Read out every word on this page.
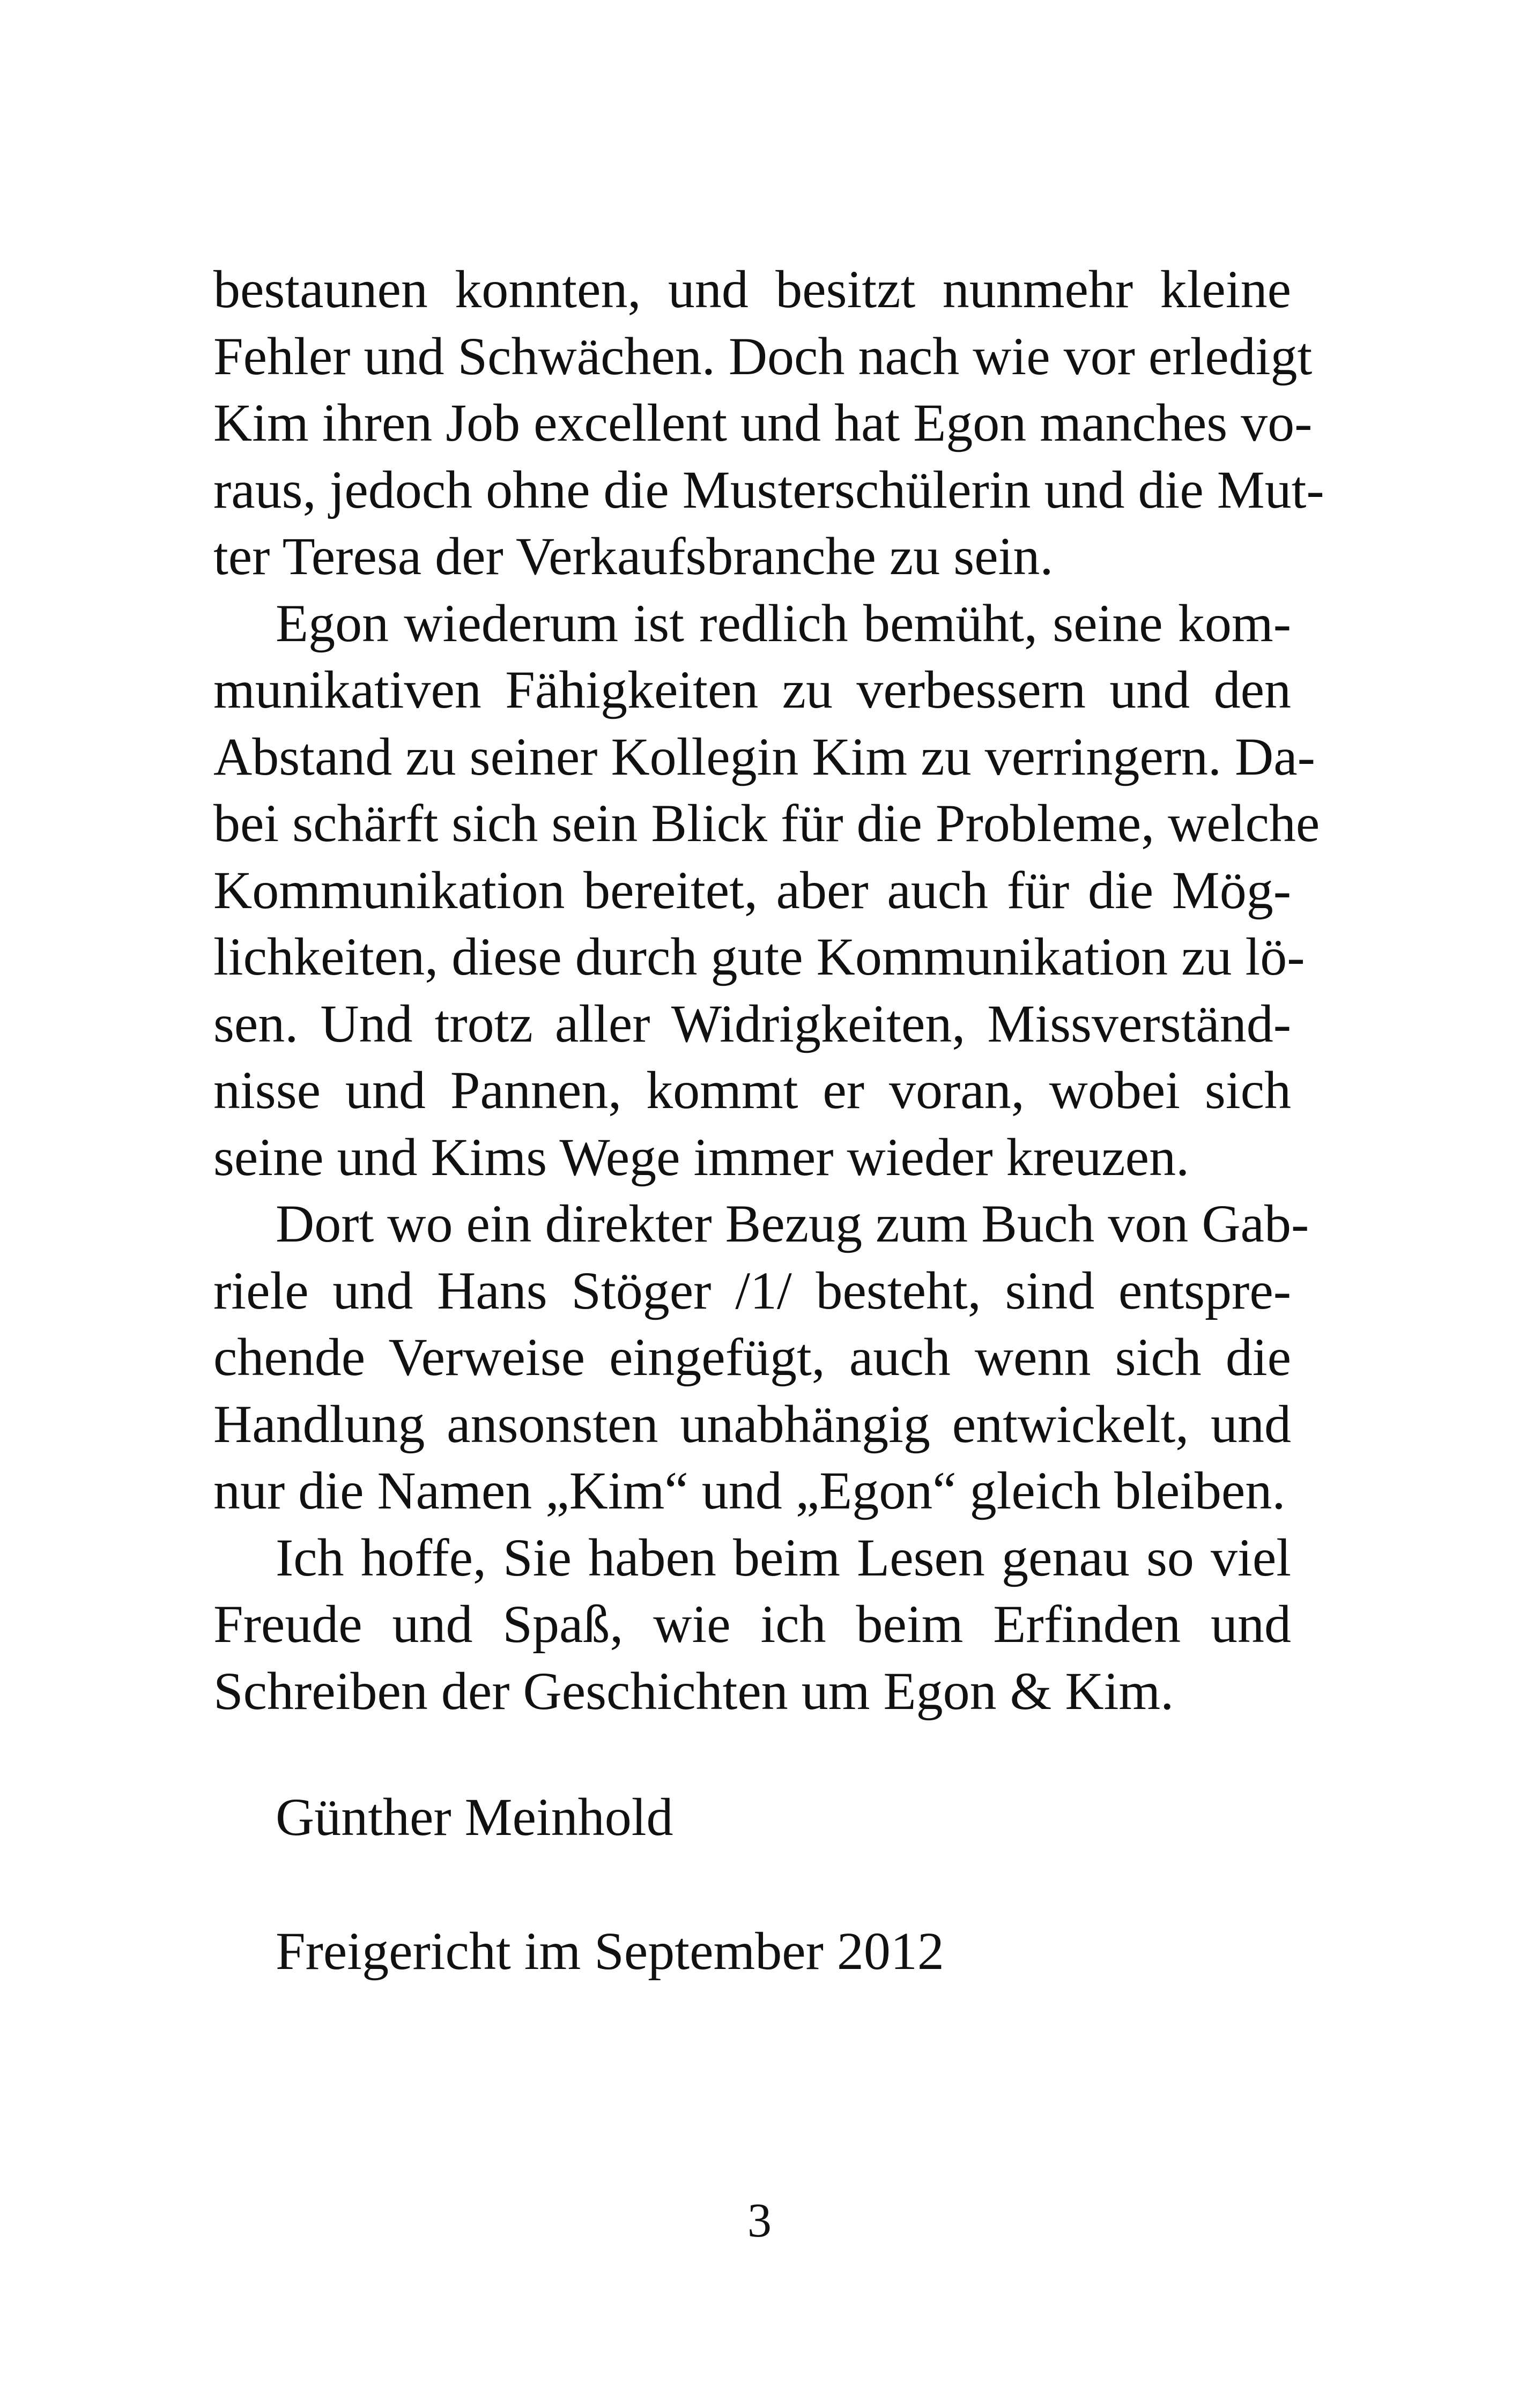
bestaunen konnten, und besitzt nunmehr kleine
Fehler und Schwächen. Doch nach wie vor erledigt
Kim ihren Job excellent und hat Egon manches vo-
raus, jedoch ohne die Musterschülerin und die Mut-
ter Teresa der Verkaufsbranche zu sein.
Egon wiederum ist redlich bemüht, seine kom-
munikativen Fähigkeiten zu verbessern und den
Abstand zu seiner Kollegin Kim zu verringern. Da-
bei schärft sich sein Blick für die Probleme, welche
Kommunikation bereitet, aber auch für die Mög-
lichkeiten, diese durch gute Kommunikation zu lö-
sen. Und trotz aller Widrigkeiten, Missverständ-
nisse und Pannen, kommt er voran, wobei sich
seine und Kims Wege immer wieder kreuzen.
Dort wo ein direkter Bezug zum Buch von Gab-
riele und Hans Stöger /1/ besteht, sind entspre-
chende Verweise eingefügt, auch wenn sich die
Handlung ansonsten unabhängig entwickelt, und
nur die Namen „Kim“ und „Egon“ gleich bleiben.
Ich hoffe, Sie haben beim Lesen genau so viel
Freude und Spaß, wie ich beim Erfinden und
Schreiben der Geschichten um Egon & Kim.
Günther Meinhold
Freigericht im September 2012
3
